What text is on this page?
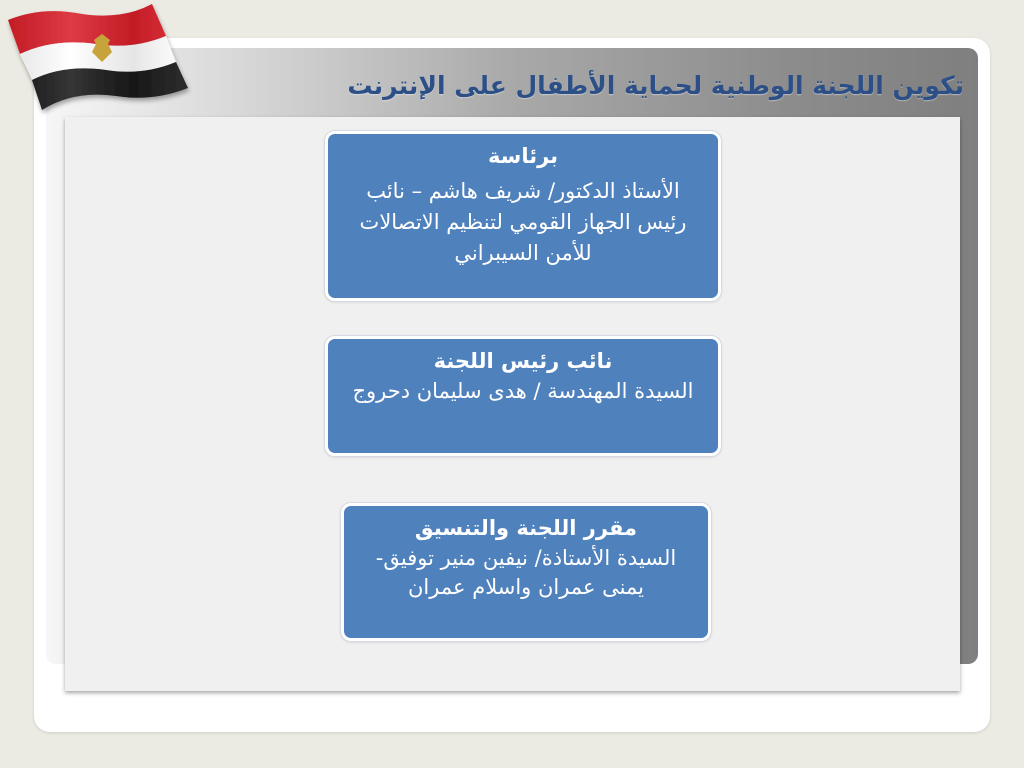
تكوين اللجنة الوطنية لحماية الأطفال على الإنترنت
برئاسة
الأستاذ الدكتور/ شريف هاشم – نائب رئيس الجهاز القومي لتنظيم الاتصالات للأمن السيبراني
نائب رئيس اللجنة
السيدة المهندسة / هدى سليمان دحروج
مقرر اللجنة والتنسيق
السيدة الأستاذة/ نيفين منير توفيق- يمنى عمران واسلام عمران
